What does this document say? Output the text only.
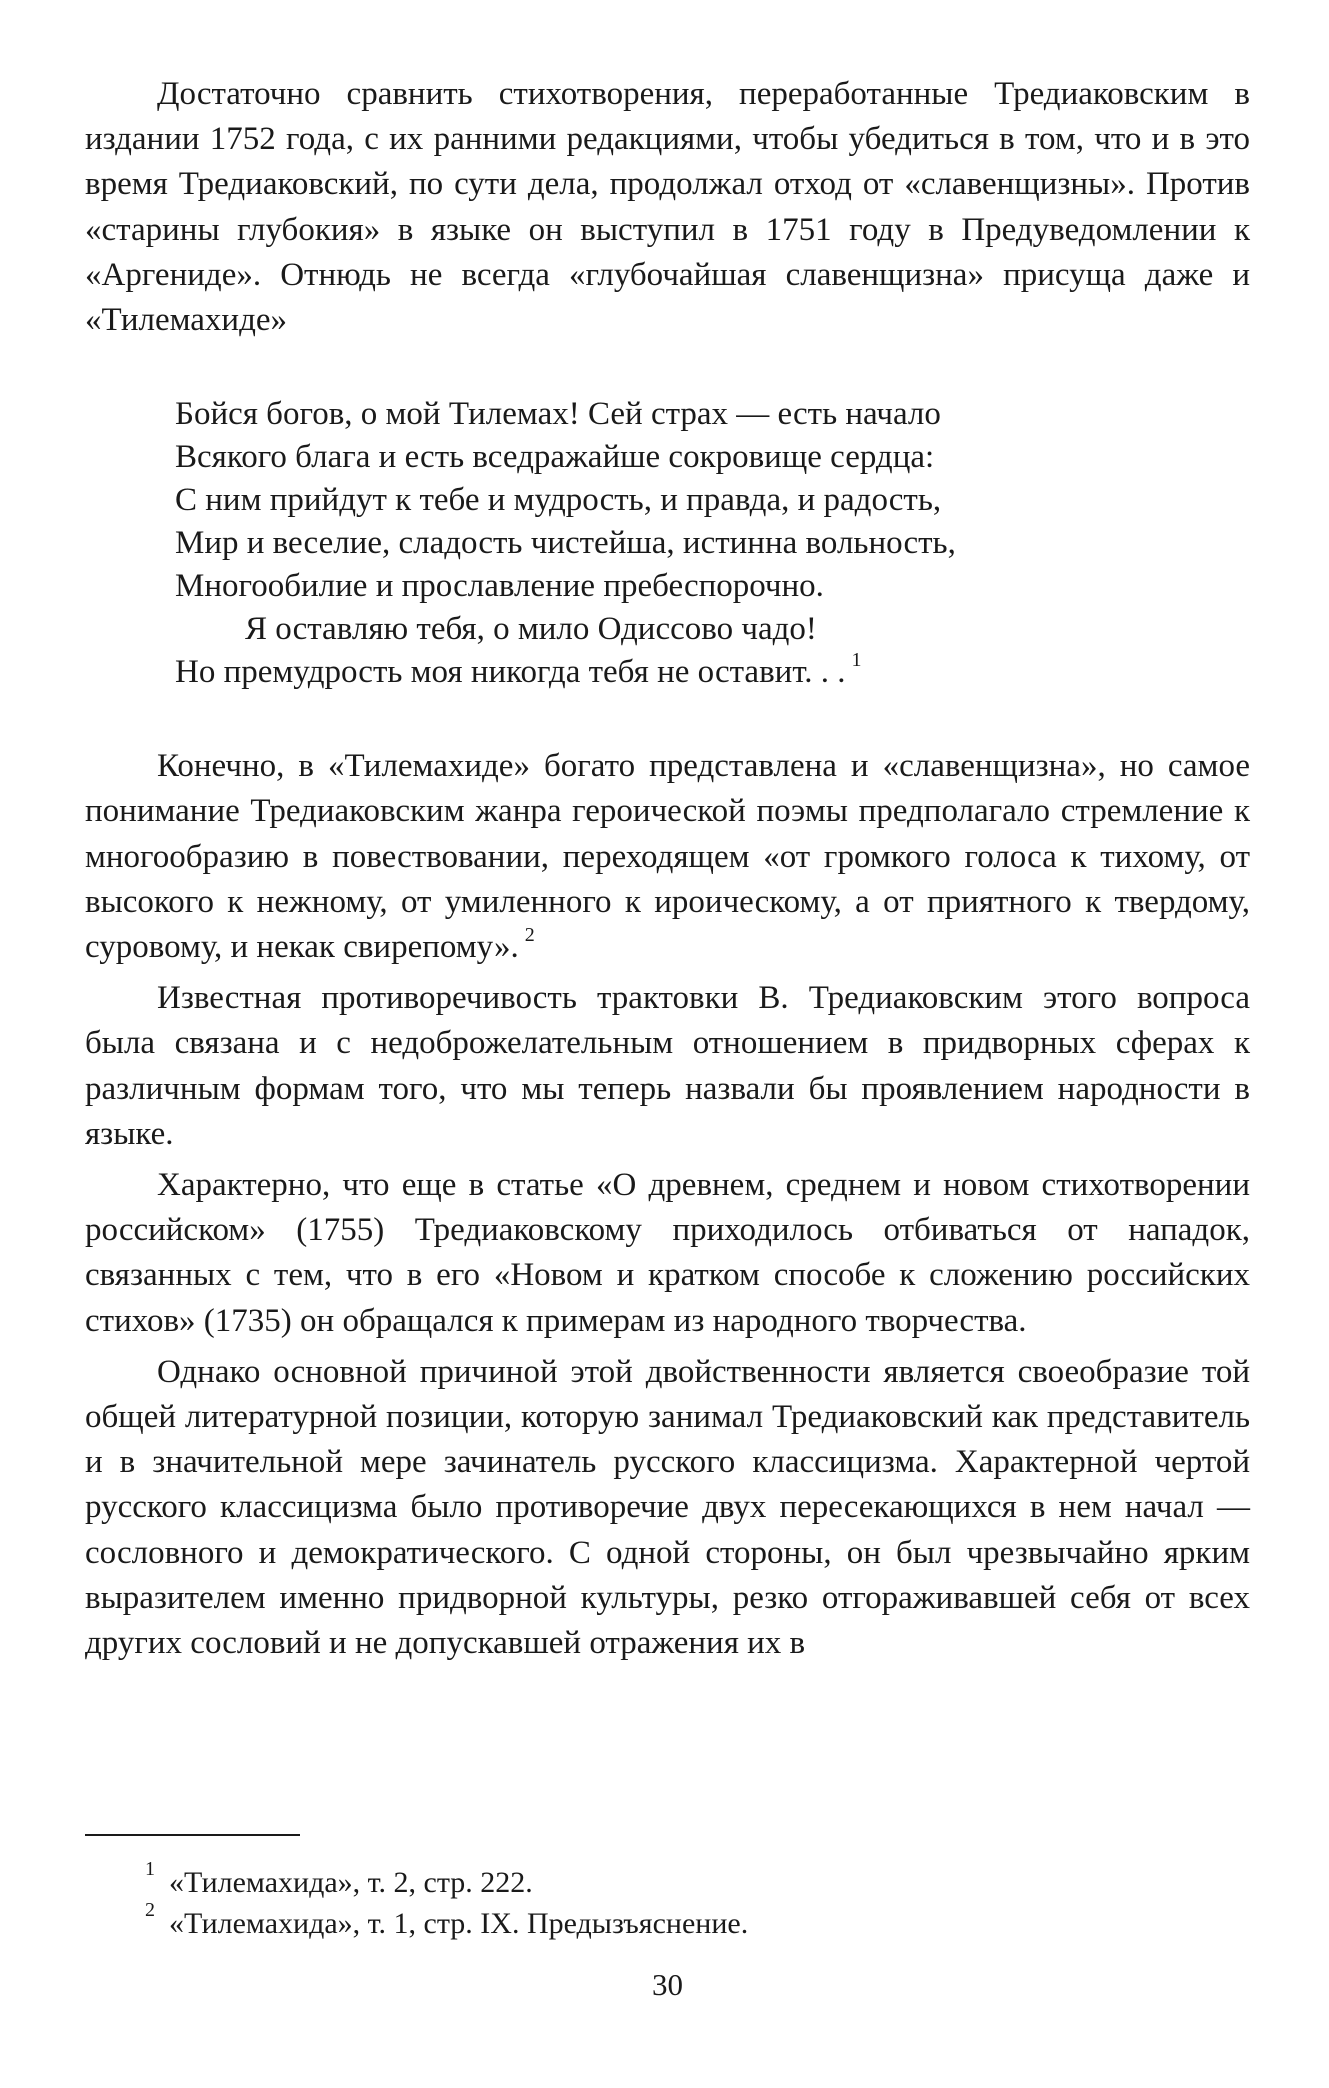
Достаточно сравнить стихотворения, переработанные Тредиаковским в издании 1752 года, с их ранними редакциями, чтобы убедиться в том, что и в это время Тредиаковский, по сути дела, продолжал отход от «славенщизны». Против «старины глубокия» в языке он выступил в 1751 году в Предуведомлении к «Аргениде». Отнюдь не всегда «глубочайшая славенщизна» присуща даже и «Тилемахиде»

Бойся богов, о мой Тилемах! Сей страх — есть начало
Всякого блага и есть вседражайше сокровище сердца:
С ним прийдут к тебе и мудрость, и правда, и радость,
Мир и веселие, сладость чистейша, истинна вольность,
Многообилие и прославление пребеспорочно.
Я оставляю тебя, о мило Одиссово чадо!
Но премудрость моя никогда тебя не оставит. . . $^1$

Конечно, в «Тилемахиде» богато представлена и «славенщизна», но самое понимание Тредиаковским жанра героической поэмы предполагало стремление к многообразию в повествовании, переходящем «от громкого голоса к тихому, от высокого к нежному, от умиленного к ироическому, а от приятного к твердому, суровому, и некак свирепому». $^2$

Известная противоречивость трактовки В. Тредиаковским этого вопроса была связана и с недоброжелательным отношением в придворных сферах к различным формам того, что мы теперь назвали бы проявлением народности в языке.

Характерно, что еще в статье «О древнем, среднем и новом стихотворении российском» (1755) Тредиаковскому приходилось отбиваться от нападок, связанных с тем, что в его «Новом и кратком способе к сложению российских стихов» (1735) он обращался к примерам из народного творчества.

Однако основной причиной этой двойственности является своеобразие той общей литературной позиции, которую занимал Тредиаковский как представитель и в значительной мере зачинатель русского классицизма. Характерной чертой русского классицизма было противоречие двух пересекающихся в нем начал — сословного и демократического. С одной стороны, он был чрезвычайно ярким выразителем именно придворной культуры, резко отгораживавшей себя от всех других сословий и не допускавшей отражения их в

$^1$ «Тилемахида», т. 2, стр. 222.
$^2$ «Тилемахида», т. 1, стр. IX. Предызъяснение.
30
